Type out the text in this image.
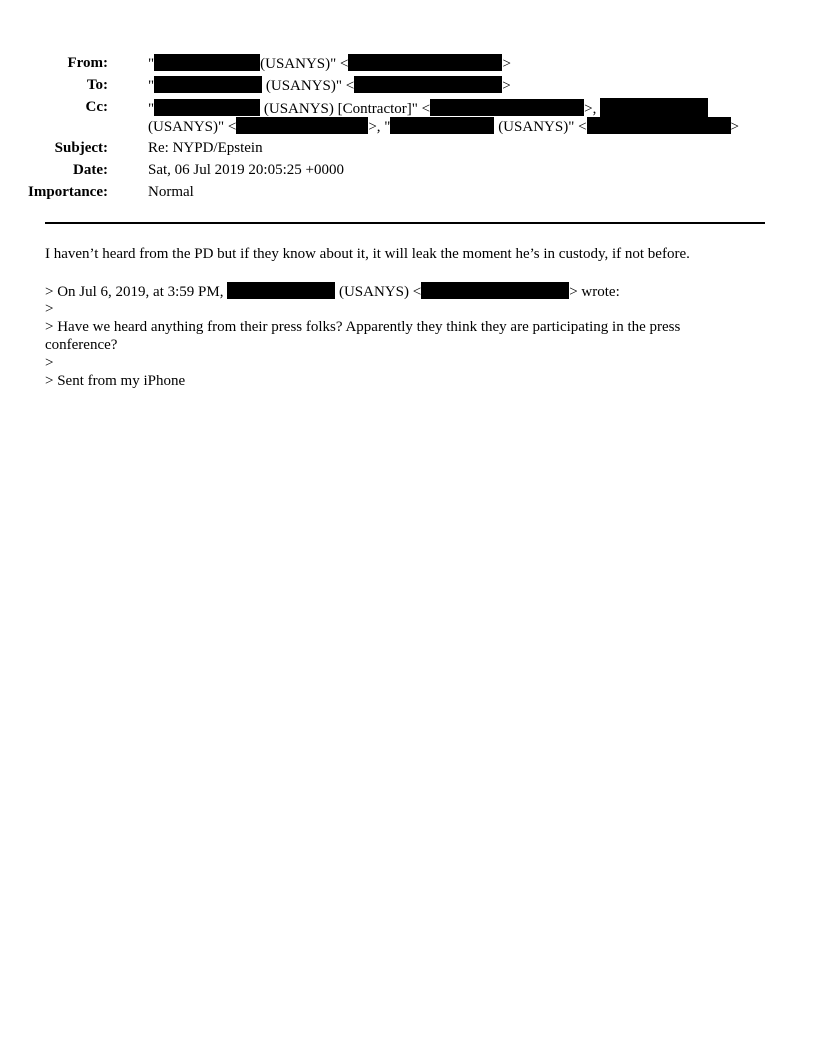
From:	"	(USANYS)" <	>
To:	"	(USANYS)" <	>
Cc:	"	(USANYS) [Contractor]" <	>,
(USANYS)" <	>, "	(USANYS)" <	>
Subject:	Re: NYPD/Epstein
Date:	Sat, 06 Jul 2019 20:05:25 +0000
Importance:	Normal
I haven’t heard from the PD but if they know about it, it will leak the moment he’s in custody, if not before.
> On Jul 6, 2019, at 3:59 PM,	(USANYS) <	> wrote:
>
> Have we heard anything from their press folks? Apparently they think they are participating in the press
conference?
>
> Sent from my iPhone
